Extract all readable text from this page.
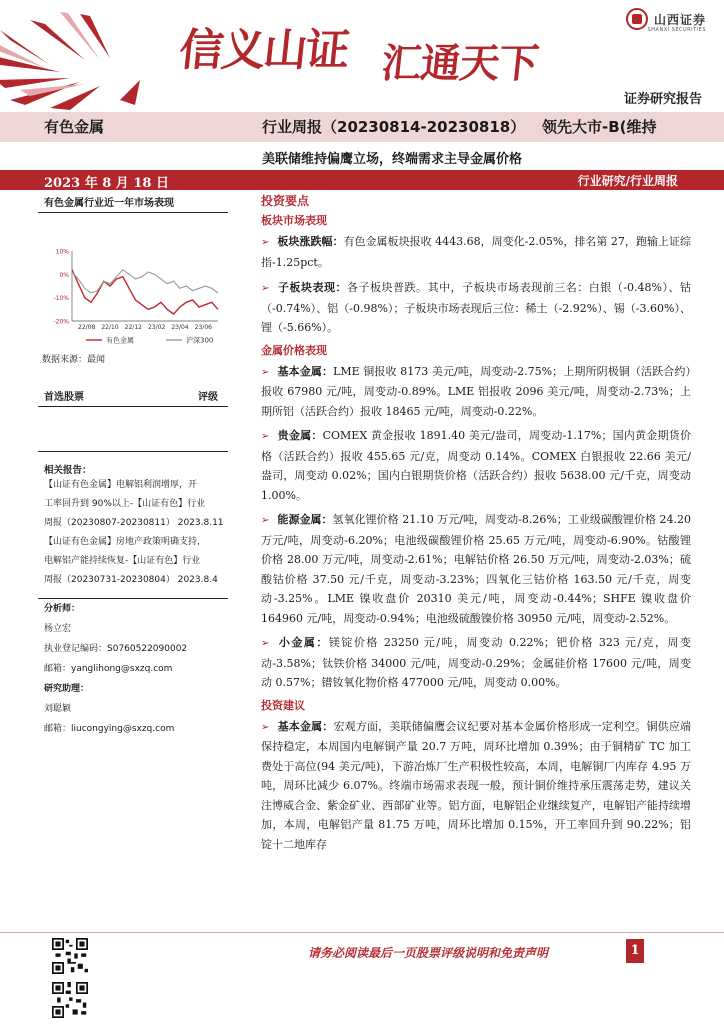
信义山证 汇通天下
山西证券
SHANXI SECURITIES
证券研究报告
有色金属	行业周报（20230814-20230818） 领先大市-B(维持
美联储维持偏鹰立场，终端需求主导金属价格
2023 年 8 月 18 日	行业研究/行业周报
有色金属行业近一年市场表现
10%
0%
-10%
-20%
22/08 22/10 22/12 23/02 23/04 23/06
有色金属	沪深300
数据来源：最闻
首选股票	评级
相关报告：

【山证有色金属】电解铝利润增厚，开
工率回升到 90%以上-【山证有色】行业
周报（20230807-20230811） 2023.8.11

【山证有色金属】房地产政策明确支持，
电解铝产能持续恢复-【山证有色】行业
周报（20230731-20230804） 2023.8.4

分析师：

杨立宏

执业登记编码：S0760522090002

邮箱：yanglihong@sxzq.com

研究助理：

刘聪颖

邮箱：liucongying@sxzq.com

投资要点
板块市场表现

➢ 板块涨跌幅：有色金属板块报收 4443.68，周变化-2.05%，排名第 27，跑输上证综指-1.25pct。

➢ 子板块表现：各子板块普跌。其中，子板块市场表现前三名：白银（-0.48%）、钴（-0.74%）、铝（-0.98%）；子板块市场表现后三位：稀土（-2.92%）、锡（-3.60%）、锂（-5.66%）。

金属价格表现

➢ 基本金属：LME 铜报收 8173 美元/吨，周变动-2.75%；上期所阴极铜（活跃合约）报收 67980 元/吨，周变动-0.89%。LME 铝报收 2096 美元/吨，周变动-2.73%；上期所铝（活跃合约）报收 18465 元/吨，周变动-0.22%。

➢ 贵金属：COMEX 黄金报收 1891.40 美元/盎司，周变动-1.17%；国内黄金期货价格（活跃合约）报收 455.65 元/克，周变动 0.14%。COMEX 白银报收 22.66 美元/盎司，周变动 0.02%；国内白银期货价格（活跃合约）报收 5638.00 元/千克，周变动 1.00%。

➢ 能源金属：氢氧化锂价格 21.10 万元/吨，周变动-8.26%；工业级碳酸锂价格 24.20 万元/吨，周变动-6.20%；电池级碳酸锂价格 25.65 万元/吨，周变动-6.90%。钴酸锂价格 28.00 万元/吨，周变动-2.61%；电解钴价格 26.50 万元/吨，周变动-2.03%；硫酸钴价格 37.50 元/千克，周变动-3.23%；四氧化三钴价格 163.50 元/千克，周变动-3.25%。LME 镍收盘价 20310 美元/吨，周变动-0.44%；SHFE 镍收盘价 164960 元/吨，周变动-0.94%；电池级硫酸镍价格 30950 元/吨，周变动-2.52%。

➢ 小金属：镁锭价格 23250 元/吨，周变动 0.22%；钯价格 323 元/克，周变动-3.58%；钛铁价格 34000 元/吨，周变动-0.29%；金属硅价格 17600 元/吨，周变动 0.57%；镨钕氧化物价格 477000 元/吨，周变动 0.00%。

投资建议

➢ 基本金属：宏观方面，美联储偏鹰会议纪要对基本金属价格形成一定利空。铜供应端保持稳定，本周国内电解铜产量 20.7 万吨，周环比增加 0.39%；由于铜精矿 TC 加工费处于高位(94 美元/吨)，下游冶炼厂生产积极性较高，本周，电解铜厂内库存 4.95 万吨，周环比减少 6.07%。终端市场需求表现一般，预计铜价维持承压震荡走势，建议关注博威合金、紫金矿业、西部矿业等。铝方面，电解铝企业继续复产，电解铝产能持续增加，本周，电解铝产量 81.75 万吨，周环比增加 0.15%，开工率回升到 90.22%；铝锭十二地库存

请务必阅读最后一页股票评级说明和免责声明	1
